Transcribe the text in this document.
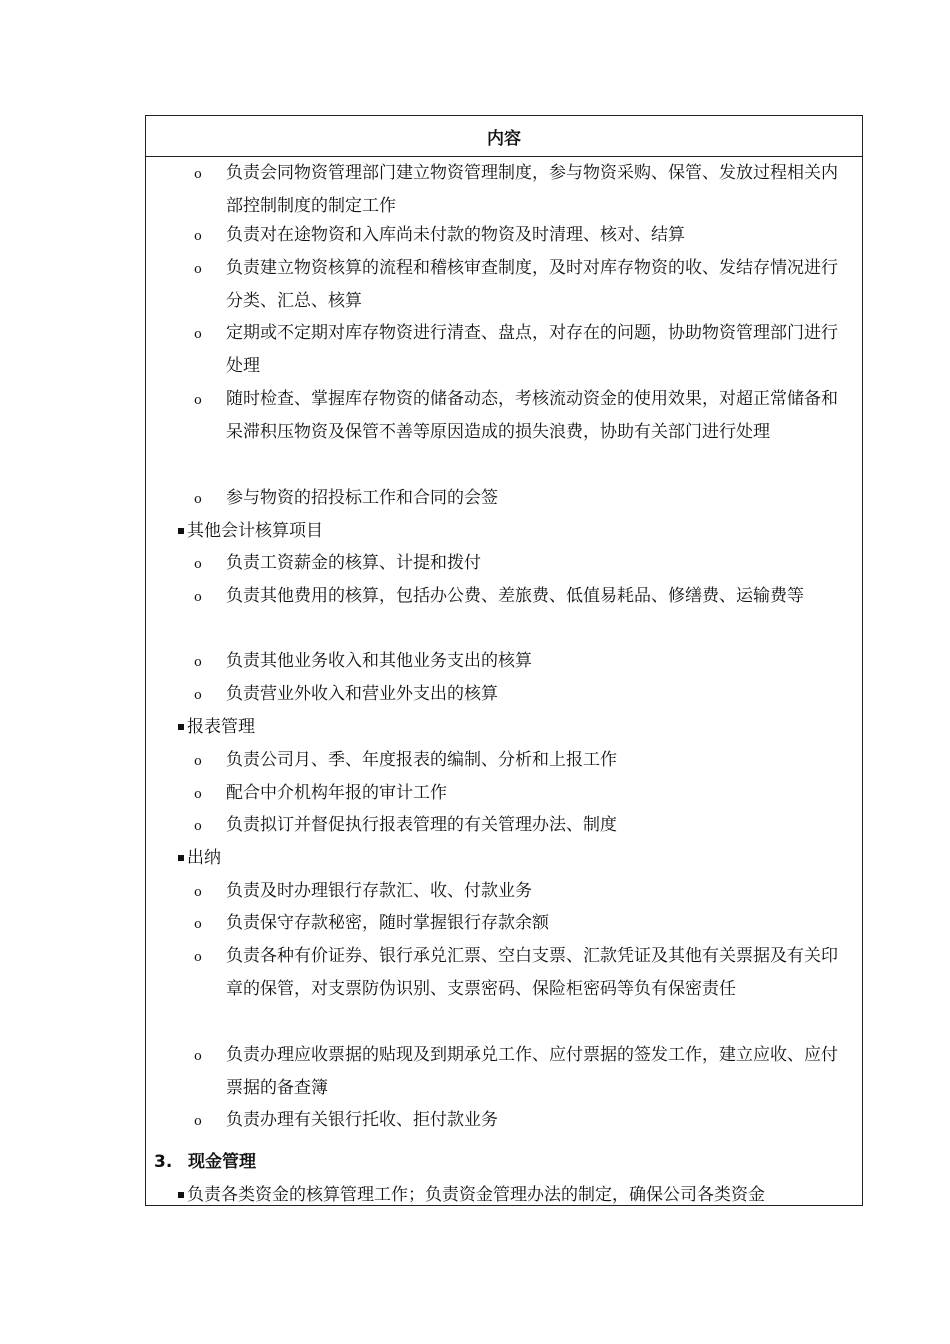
内容
o 负责会同物资管理部门建立物资管理制度，参与物资采购、保管、发放过程相关内部控制制度的制定工作
o 负责对在途物资和入库尚未付款的物资及时清理、核对、结算
o 负责建立物资核算的流程和稽核审查制度，及时对库存物资的收、发结存情况进行分类、汇总、核算
o 定期或不定期对库存物资进行清查、盘点，对存在的问题，协助物资管理部门进行处理
o 随时检查、掌握库存物资的储备动态，考核流动资金的使用效果，对超正常储备和呆滞积压物资及保管不善等原因造成的损失浪费，协助有关部门进行处理
o 参与物资的招投标工作和合同的会签
其他会计核算项目
o 负责工资薪金的核算、计提和拨付
o 负责其他费用的核算，包括办公费、差旅费、低值易耗品、修缮费、运输费等
o 负责其他业务收入和其他业务支出的核算
o 负责营业外收入和营业外支出的核算
报表管理
o 负责公司月、季、年度报表的编制、分析和上报工作
o 配合中介机构年报的审计工作
o 负责拟订并督促执行报表管理的有关管理办法、制度
出纳
o 负责及时办理银行存款汇、收、付款业务
o 负责保守存款秘密，随时掌握银行存款余额
o 负责各种有价证券、银行承兑汇票、空白支票、汇款凭证及其他有关票据及有关印章的保管，对支票防伪识别、支票密码、保险柜密码等负有保密责任
o 负责办理应收票据的贴现及到期承兑工作、应付票据的签发工作，建立应收、应付票据的备查簿
o 负责办理有关银行托收、拒付款业务
3. 现金管理
负责各类资金的核算管理工作；负责资金管理办法的制定，确保公司各类资金
